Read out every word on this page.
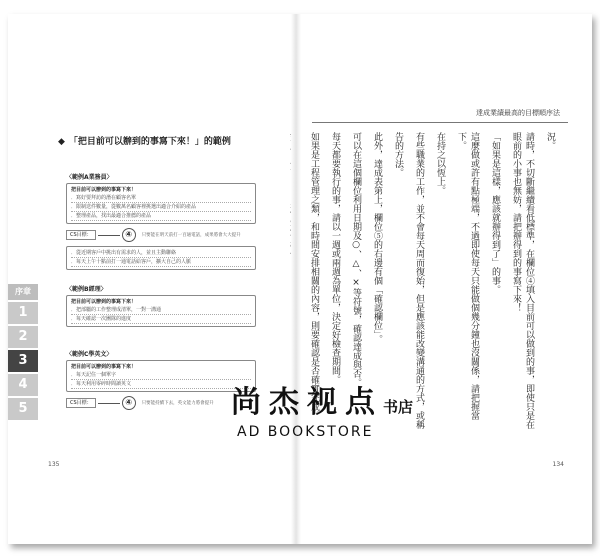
◆ 「把目前可以辦到的事寫下來！」的範例
〈範例A業務員〉
把目前可以辦到的事寫下來！
．寫好要拜訪的潛在顧客名單
．限制送件數量，從數萬名顧客裡挑選出適合介紹的產品
．整理產品，找出最適合推薦的產品
CS目標：	④	只要能在明天前打一百通電話，成果將會大大提升
．從近期客戶中挑出有需求的人，並且主動聯絡
．每天上午十點前打一通電話給客戶，擴大自己的人脈
〈範例B經理〉
把目前可以辦到的事寫下來！
．把部屬的工作整理成清單，一對一溝通
．每天確認一次團隊的進度
〈範例C學英文〉
把目前可以辦到的事寫下來！
．每天記住一個單字
．每天利用零碎時間讀英文
CS目標：	④	只要能持續下去，英文能力將會提升
序章
1
2
3
4
5
135
達成業績最高的目標順序法

況。

請時，不切斷繼續看低標準，在欄位④填入目前可以做到的事，即使只是在眼前的小事也無妨，請把辦得到的事寫下來！

「如果是這樣，應該就辦得到了」的事。

這麼做或許有點極端，不過即使每天只能做個幾分鐘也沒關係，請把握當下。

在持之以恆上。

有些職業的工作，並不會每天周而復始，但是應該能改變溝通的方式，或稱

告的方法。

此外，達成表第上，欄位⑤的右邊有個「確認欄位」。

可以在這個欄位利用日期及○、△、×等符號，確認達成與否。

每天都要執行的事，請以一週或兩週為單位，決定好檢查期間。

如果是工程管理之類，和時間安排相關的內容，則要確認是否確實完成。

134
尚杰视点书店
AD BOOKSTORE
